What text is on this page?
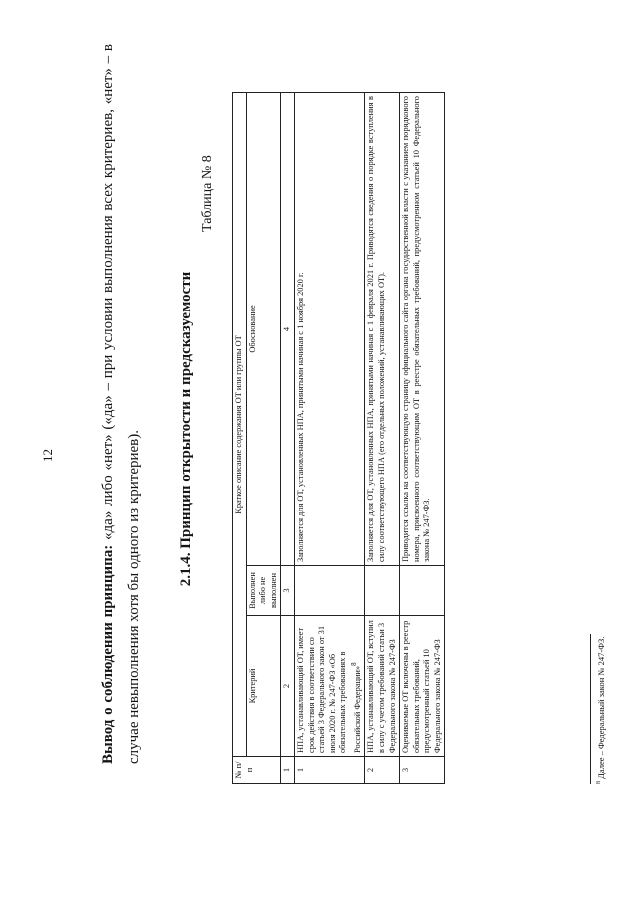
12
Вывод о соблюдении принципа: «да» либо «нет» («да» – при условии выполнения всех критериев, «нет» – в случае невыполнения хотя бы одного из критериев).
2.1.4. Принцип открытости и предсказуемости
Таблица № 8
№ п/п	Краткое описание содержания ОТ или группы ОТ		
	Критерий	Выполнен либо не выполнен	Обоснование
1	2	3	4
1	НПА, устанавливающий ОТ, имеет срок действия в соответствии со статьей 3 Федерального закон от 31 июля 2020 г. № 247-ФЗ «Об обязательных требованиях в Российской Федерации»$^8$		Заполняется для ОТ, установленных НПА, принятыми начиная с 1 ноября 2020 г.
2	НПА, устанавливающий ОТ, вступил в силу с учетом требований статьи 3 Федерального закона № 247-ФЗ		Заполняется для ОТ, установленных НПА, принятыми начиная с 1 февраля 2021 г. Приводятся сведения о порядке вступления в силу соответствующего НПА (его отдельных положений, устанавливающих ОТ).
3	Оцениваемые ОТ включены в реестр обязательных требований, предусмотренный статьей 10 Федерального закона № 247-ФЗ		Приводится ссылка на соответствующую страницу официального сайта органа государственной власти с указанием порядкового номера, присвоенного соответствующим ОТ в реестре обязательных требований, предусмотренном статьей 10 Федерального закона № 247-ФЗ.
$^8$ Далее – Федеральный закон № 247-ФЗ.
